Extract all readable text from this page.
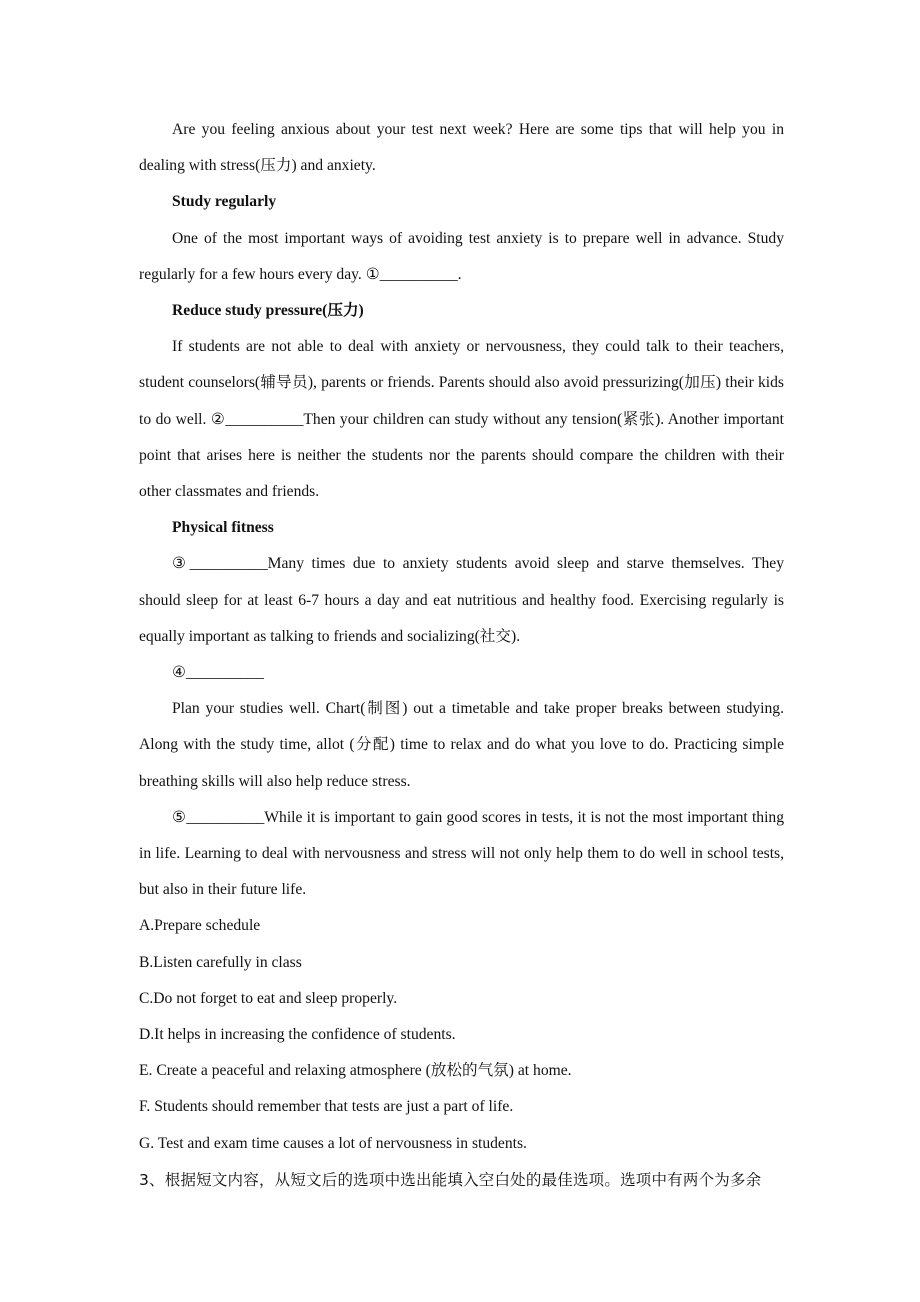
Are you feeling anxious about your test next week? Here are some tips that will help you in dealing with stress(压力) and anxiety.

Study regularly

One of the most important ways of avoiding test anxiety is to prepare well in advance. Study regularly for a few hours every day. ①__________.

Reduce study pressure(压力)

If students are not able to deal with anxiety or nervousness, they could talk to their teachers, student counselors(辅导员), parents or friends. Parents should also avoid pressurizing(加压) their kids to do well. ②__________Then your children can study without any tension(紧张). Another important point that arises here is neither the students nor the parents should compare the children with their other classmates and friends.

Physical fitness

③__________Many times due to anxiety students avoid sleep and starve themselves. They should sleep for at least 6-7 hours a day and eat nutritious and healthy food. Exercising regularly is equally important as talking to friends and socializing(社交).

④__________

Plan your studies well. Chart(制图) out a timetable and take proper breaks between studying. Along with the study time, allot (分配) time to relax and do what you love to do. Practicing simple breathing skills will also help reduce stress.

⑤__________While it is important to gain good scores in tests, it is not the most important thing in life. Learning to deal with nervousness and stress will not only help them to do well in school tests, but also in their future life.

A.Prepare schedule

B.Listen carefully in class

C.Do not forget to eat and sleep properly.

D.It helps in increasing the confidence of students.

E. Create a peaceful and relaxing atmosphere (放松的气氛) at home.

F. Students should remember that tests are just a part of life.

G. Test and exam time causes a lot of nervousness in students.

3、根据短文内容，从短文后的选项中选出能填入空白处的最佳选项。选项中有两个为多余
